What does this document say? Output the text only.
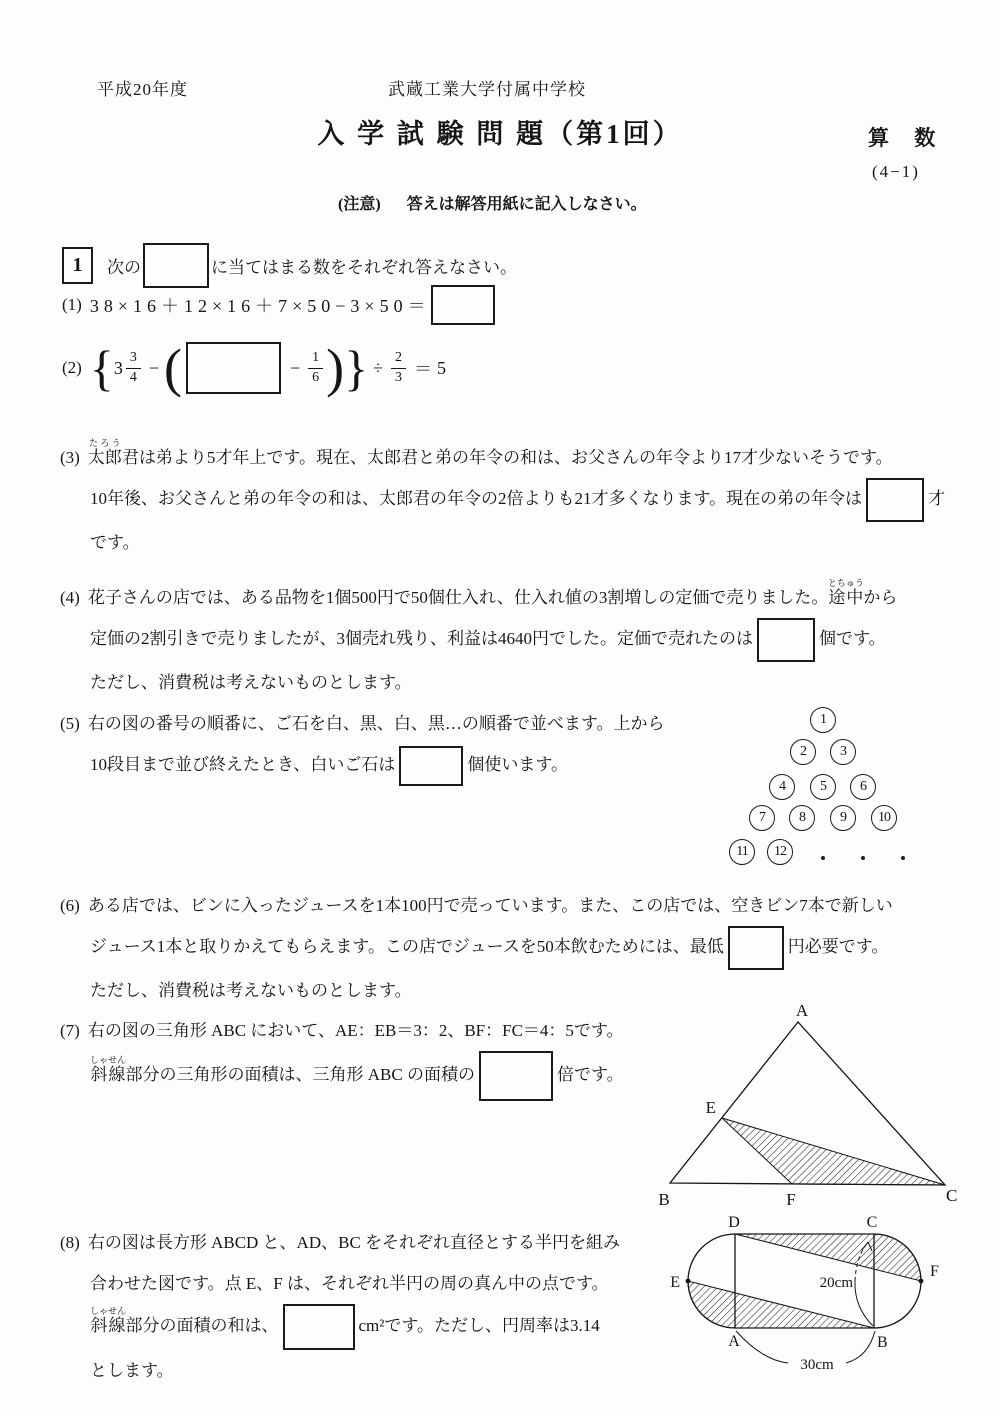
平成20年度	武蔵工業大学付属中学校
入 学 試 験 問 題（第1回）	算 数
(4−1)
(注意) 答えは解答用紙に記入しなさい。
1	次の	に当てはまる数をそれぞれ答えなさい。
(1) 38×16＋12×16＋7×50−3×50＝
(2) { $3 \frac{3}{4}$ − (	− $\frac{1}{6}$ ) } ÷ $\frac{2}{3} = 5$
(3) 太郎たろう君は弟より5才年上です。現在、太郎君と弟の年令の和は、お父さんの年令より17才少ないそうです。
10年後、お父さんと弟の年令の和は、太郎君の年令の2倍よりも21才多くなります。現在の弟の年令は	才
です。
(4) 花子さんの店では、ある品物を1個500円で50個仕入れ、仕入れ値の3割増しの定価で売りました。途中とちゅうから
定価の2割引きで売りましたが、3個売れ残り、利益は4640円でした。定価で売れたのは	個です。
ただし、消費税は考えないものとします。
(5) 右の図の番号の順番に、ご石を白、黒、白、黒…の順番で並べます。上から
10段目まで並び終えたとき、白いご石は	個使います。
1
2	3
4	5	6
7	8	9	10
11	12
(6) ある店では、ビンに入ったジュースを1本100円で売っています。また、この店では、空きビン7本で新しい
ジュース1本と取りかえてもらえます。この店でジュースを50本飲むためには、最低	円必要です。
ただし、消費税は考えないものとします。
(7) 右の図の三角形 ABC において、AE：EB＝3：2、BF：FC＝4：5です。
斜線しゃせん部分の三角形の面積は、三角形 ABC の面積の	倍です。
A
B	C
E
F
(8) 右の図は長方形 ABCD と、AD、BC をそれぞれ直径とする半円を組み
合わせた図です。点 E、F は、それぞれ半円の周の真ん中の点です。
斜線しゃせん部分の面積の和は、	cm²です。ただし、円周率は3.14
とします。	30cm
20cm
D	C
A	B
E
F
